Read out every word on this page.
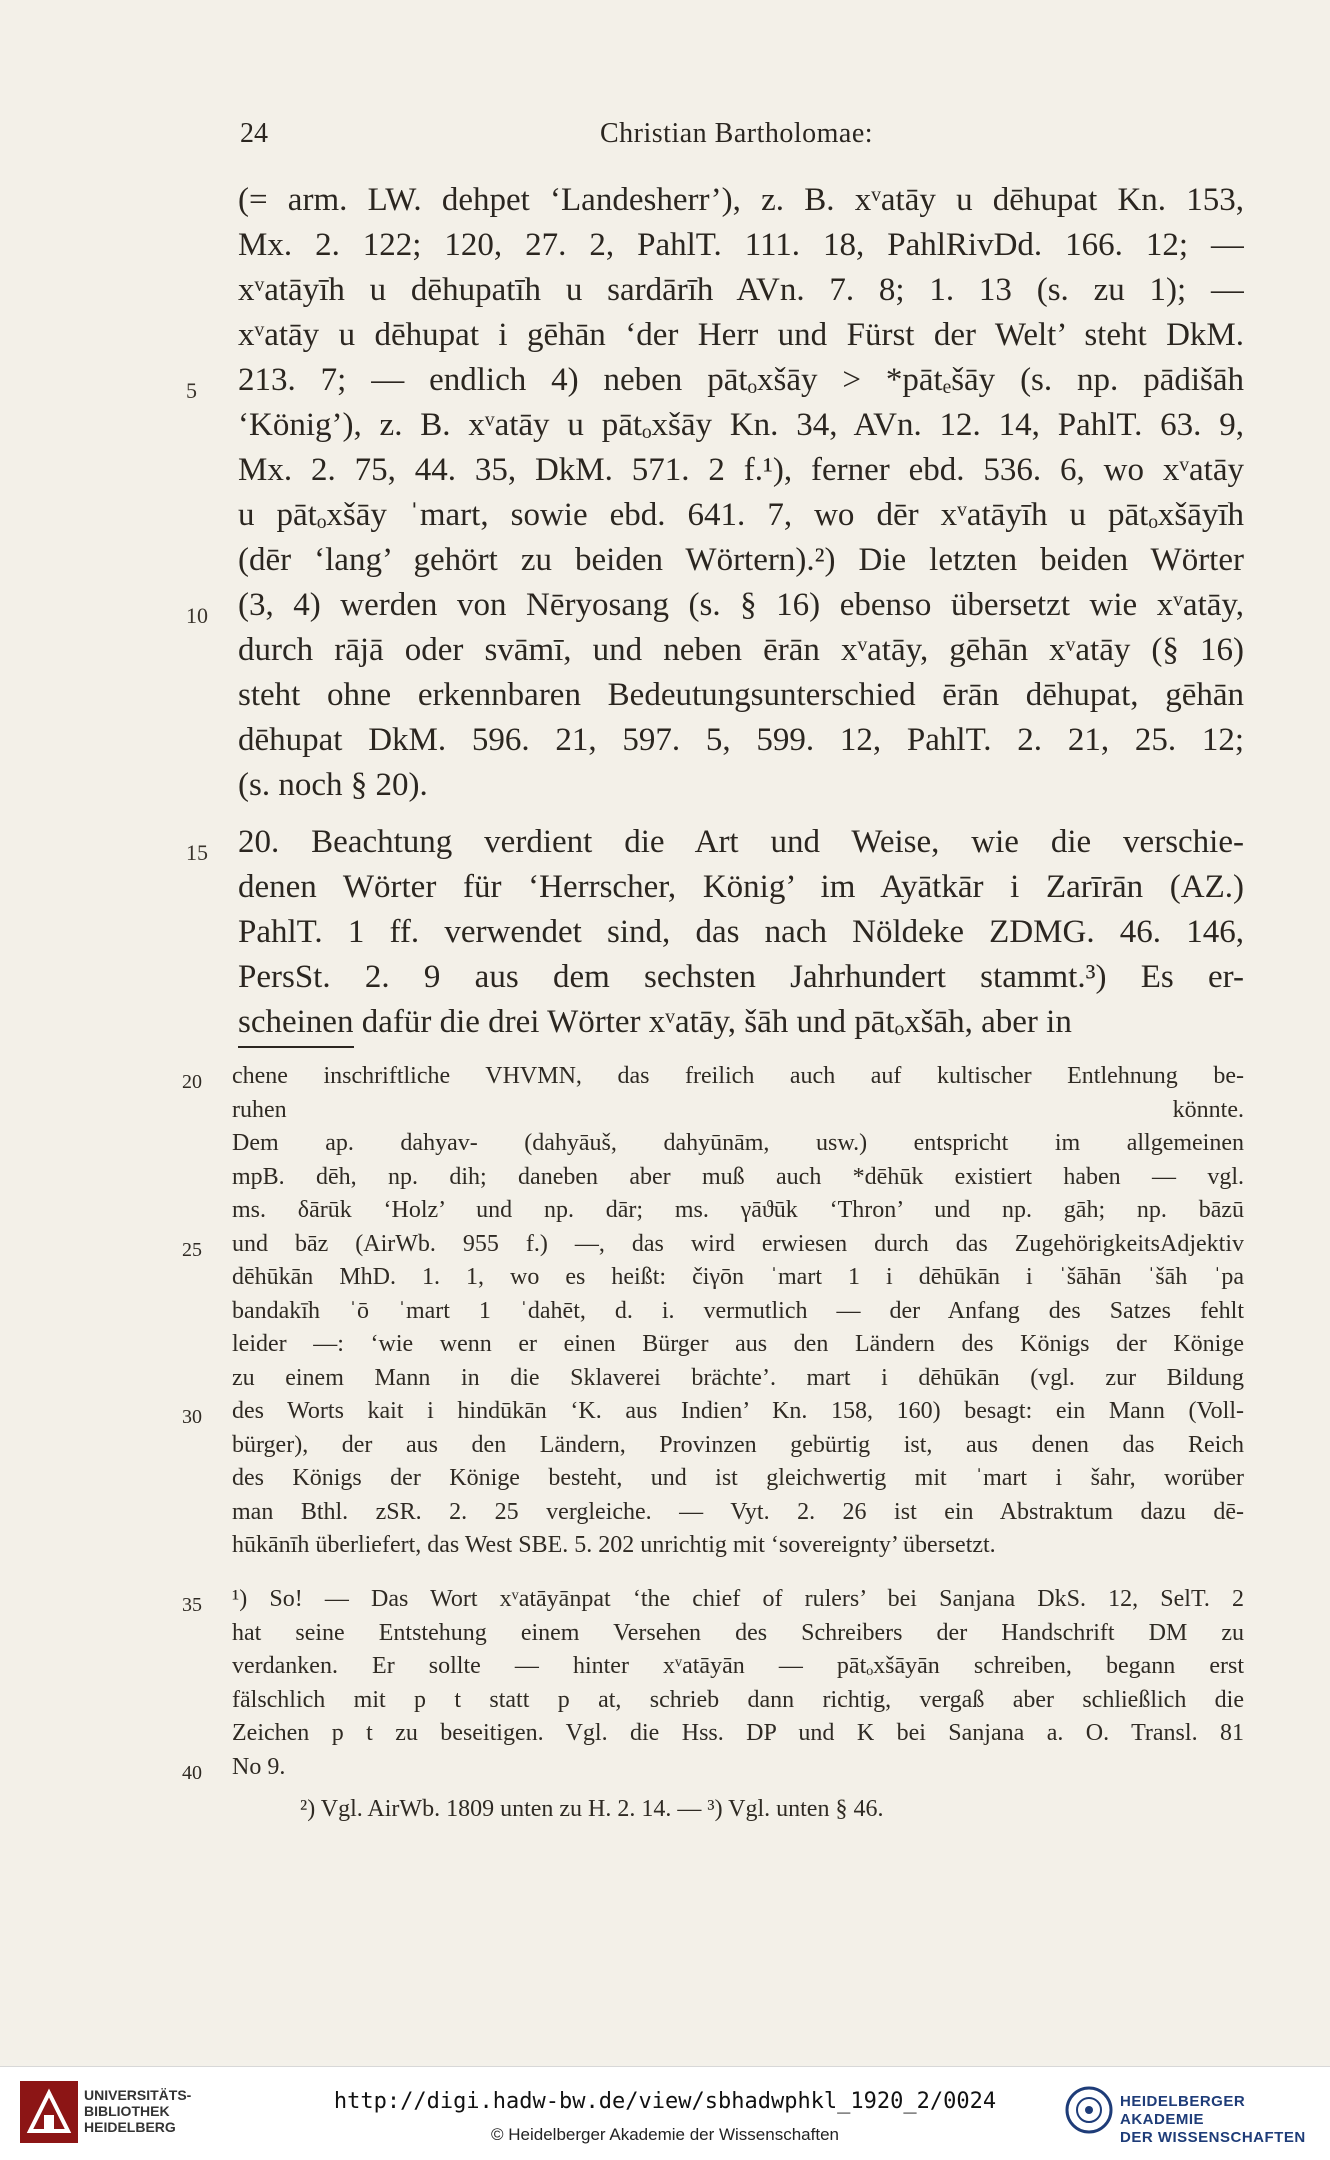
24	Christian Bartholomae:
(= arm. LW. dehpet ‘Landesherr’), z. B. xᵛatāy u dēhupat Kn. 153,
Mx. 2. 122; 120, 27. 2, PahlT. 111. 18, PahlRivDd. 166. 12; —
xᵛatāyīh u dēhupatīh u sardārīh AVn. 7. 8; 1. 13 (s. zu 1); —
xᵛatāy u dēhupat i gēhān ‘der Herr und Fürst der Welt’ steht DkM.
213. 7; — endlich 4) neben pātₒxšāy > *pātₑšāy (s. np. pādišāh
5
‘König’), z. B. xᵛatāy u pātₒxšāy Kn. 34, AVn. 12. 14, PahlT. 63. 9,
Mx. 2. 75, 44. 35, DkM. 571. 2 f.¹), ferner ebd. 536. 6, wo xᵛatāy
u pātₒxšāy ˈmart, sowie ebd. 641. 7, wo dēr xᵛatāyīh u pātₒxšāyīh
(dēr ‘lang’ gehört zu beiden Wörtern).²) Die letzten beiden Wörter
(3, 4) werden von Nēryosang (s. § 16) ebenso übersetzt wie xᵛatāy,
10
durch rājā oder svāmī, und neben ērān xᵛatāy, gēhān xᵛatāy (§ 16)
steht ohne erkennbaren Bedeutungsunterschied ērān dēhupat, gēhān
dēhupat DkM. 596. 21, 597. 5, 599. 12, PahlT. 2. 21, 25. 12;
(s. noch § 20).
20. Beachtung verdient die Art und Weise, wie die verschie-
15
denen Wörter für ‘Herrscher, König’ im Ayātkār i Zarīrān (AZ.)
PahlT. 1 ff. verwendet sind, das nach Nöldeke ZDMG. 46. 146,
PersSt. 2. 9 aus dem sechsten Jahrhundert stammt.³) Es er-
scheinen dafür die drei Wörter xᵛatāy, šāh und pātₒxšāh, aber in
chene inschriftliche VHVMN, das freilich auch auf kultischer Entlehnung be-
20
ruhen könnte.
Dem ap. dahyav- (dahyāuš, dahyūnām, usw.) entspricht im allgemeinen
mpB. dēh, np. dih; daneben aber muß auch *dēhūk existiert haben — vgl.
ms. δārūk ‘Holz’ und np. dār; ms. γāϑūk ‘Thron’ und np. gāh; np. bāzū
und bāz (AirWb. 955 f.) —, das wird erwiesen durch das ZugehörigkeitsAdjektiv
25
dēhūkān MhD. 1. 1, wo es heißt: čiγōn ˈmart 1 i dēhūkān i ˈšāhān ˈšāh ˈpa
bandakīh ˈō ˈmart 1 ˈdahēt, d. i. vermutlich — der Anfang des Satzes fehlt
leider —: ‘wie wenn er einen Bürger aus den Ländern des Königs der Könige
zu einem Mann in die Sklaverei brächte’. mart i dēhūkān (vgl. zur Bildung
des Worts kait i hindūkān ‘K. aus Indien’ Kn. 158, 160) besagt: ein Mann (Voll-
30
bürger), der aus den Ländern, Provinzen gebürtig ist, aus denen das Reich
des Königs der Könige besteht, und ist gleichwertig mit ˈmart i šahr, worüber
man Bthl. zSR. 2. 25 vergleiche. — Vyt. 2. 26 ist ein Abstraktum dazu dē-
hūkānīh überliefert, das West SBE. 5. 202 unrichtig mit ‘sovereignty’ übersetzt.
¹) So! — Das Wort xᵛatāyānpat ‘the chief of rulers’ bei Sanjana DkS. 12, SelT. 2
35
hat seine Entstehung einem Versehen des Schreibers der Handschrift DM zu
verdanken. Er sollte — hinter xᵛatāyān — pātₒxšāyān schreiben, begann erst
fälschlich mit p t statt p at, schrieb dann richtig, vergaß aber schließlich die
Zeichen p t zu beseitigen. Vgl. die Hss. DP und K bei Sanjana a. O. Transl. 81
No 9.
40
²) Vgl. AirWb. 1809 unten zu H. 2. 14. — ³) Vgl. unten § 46.
UNIVERSITÄTS-
BIBLIOTHEK
HEIDELBERG
http://digi.hadw-bw.de/view/sbhadwphkl_1920_2/0024
© Heidelberger Akademie der Wissenschaften
HEIDELBERGER AKADEMIE
DER WISSENSCHAFTEN
